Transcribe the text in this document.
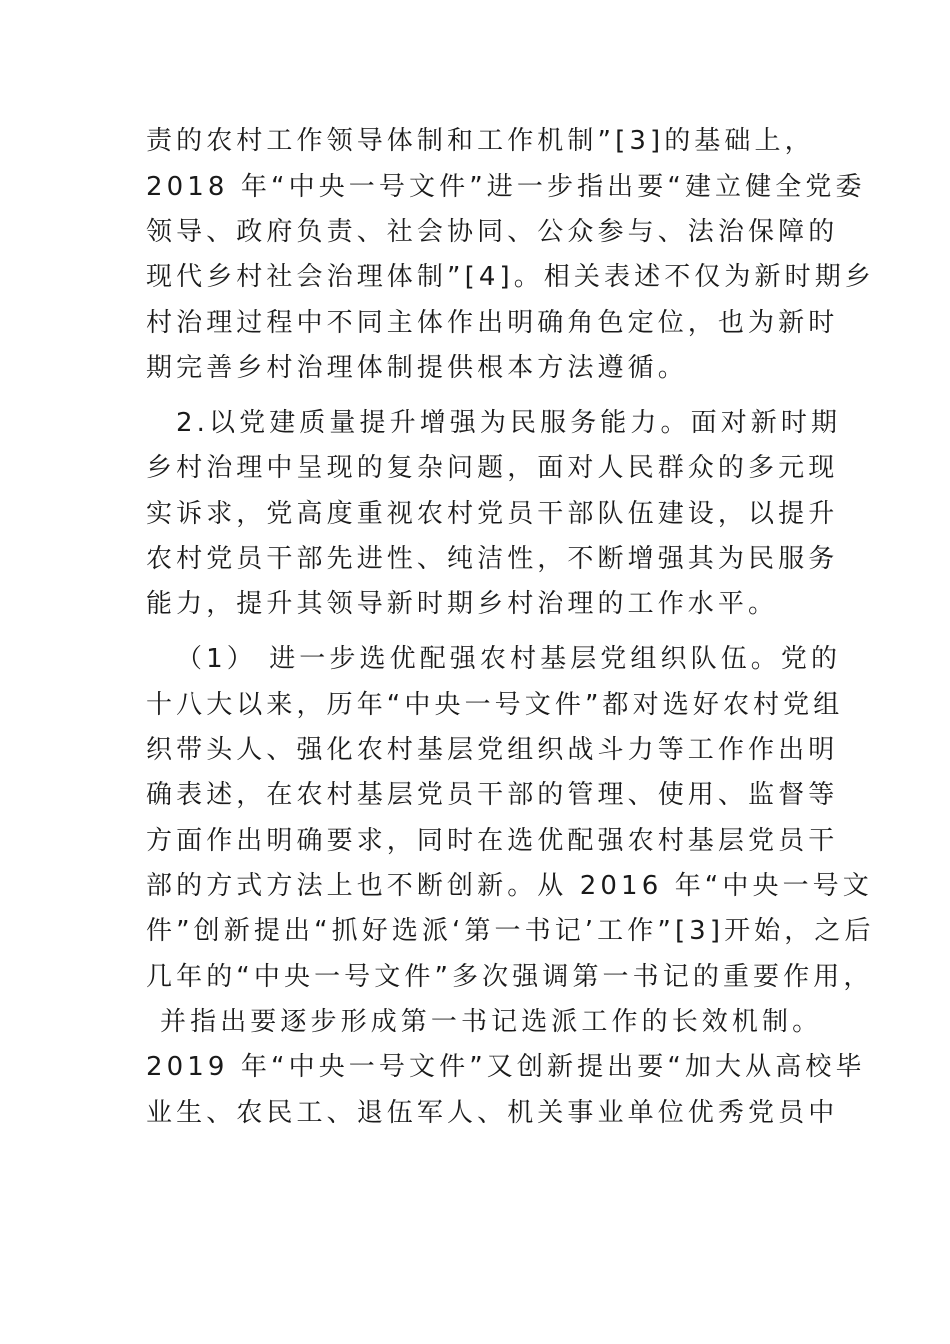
责的农村工作领导体制和工作机制”[3]的基础上，
2018 年“中央一号文件”进一步指出要“建立健全党委
领导、政府负责、社会协同、公众参与、法治保障的
现代乡村社会治理体制”[4]。相关表述不仅为新时期乡
村治理过程中不同主体作出明确角色定位，也为新时
期完善乡村治理体制提供根本方法遵循。
2.以党建质量提升增强为民服务能力。面对新时期
乡村治理中呈现的复杂问题，面对人民群众的多元现
实诉求，党高度重视农村党员干部队伍建设，以提升
农村党员干部先进性、纯洁性，不断增强其为民服务
能力，提升其领导新时期乡村治理的工作水平。
（1） 进一步选优配强农村基层党组织队伍。党的
十八大以来，历年“中央一号文件”都对选好农村党组
织带头人、强化农村基层党组织战斗力等工作作出明
确表述，在农村基层党员干部的管理、使用、监督等
方面作出明确要求，同时在选优配强农村基层党员干
部的方式方法上也不断创新。从 2016 年“中央一号文
件”创新提出“抓好选派‘第一书记’工作”[3]开始，之后
几年的“中央一号文件”多次强调第一书记的重要作用，
并指出要逐步形成第一书记选派工作的长效机制。
2019 年“中央一号文件”又创新提出要“加大从高校毕
业生、农民工、退伍军人、机关事业单位优秀党员中
